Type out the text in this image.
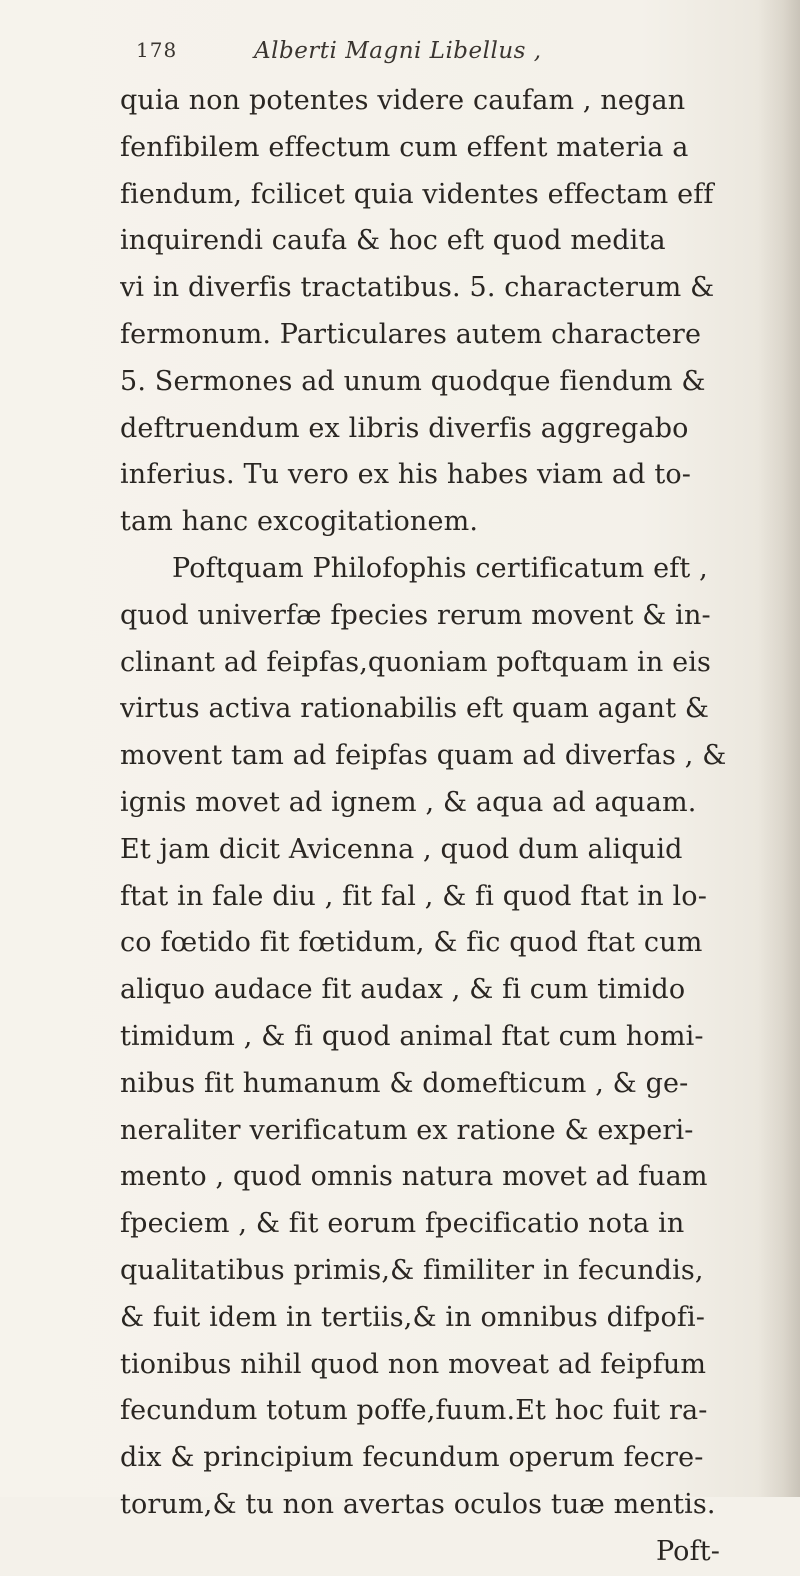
178	Alberti Magni Libellus ,
quia non potentes videre caufam , negan
fenfibilem effectum cum effent materia a
fiendum, fcilicet quia videntes effectam eff
inquirendi caufa & hoc eft quod medita
vi in diverfis tractatibus. 5. characterum &
fermonum. Particulares autem charactere
5. Sermones ad unum quodque fiendum &
deftruendum ex libris diverfis aggregabo
inferius. Tu vero ex his habes viam ad to-
tam hanc excogitationem.
Poftquam Philofophis certificatum eft ,
quod univerfæ fpecies rerum movent & in-
clinant ad feipfas,quoniam poftquam in eis
virtus activa rationabilis eft quam agant &
movent tam ad feipfas quam ad diverfas , &
ignis movet ad ignem , & aqua ad aquam.
Et jam dicit Avicenna , quod dum aliquid
ftat in fale diu , fit fal , & fi quod ftat in lo-
co fœtido fit fœtidum, & fic quod ftat cum
aliquo audace fit audax , & fi cum timido
timidum , & fi quod animal ftat cum homi-
nibus fit humanum & domefticum , & ge-
neraliter verificatum ex ratione & experi-
mento , quod omnis natura movet ad fuam
fpeciem , & fit eorum fpecificatio nota in
qualitatibus primis,& fimiliter in fecundis,
& fuit idem in tertiis,& in omnibus difpofi-
tionibus nihil quod non moveat ad feipfum
fecundum totum poffe,fuum.Et hoc fuit ra-
dix & principium fecundum operum fecre-
torum,& tu non avertas oculos tuæ mentis.
Poft-
